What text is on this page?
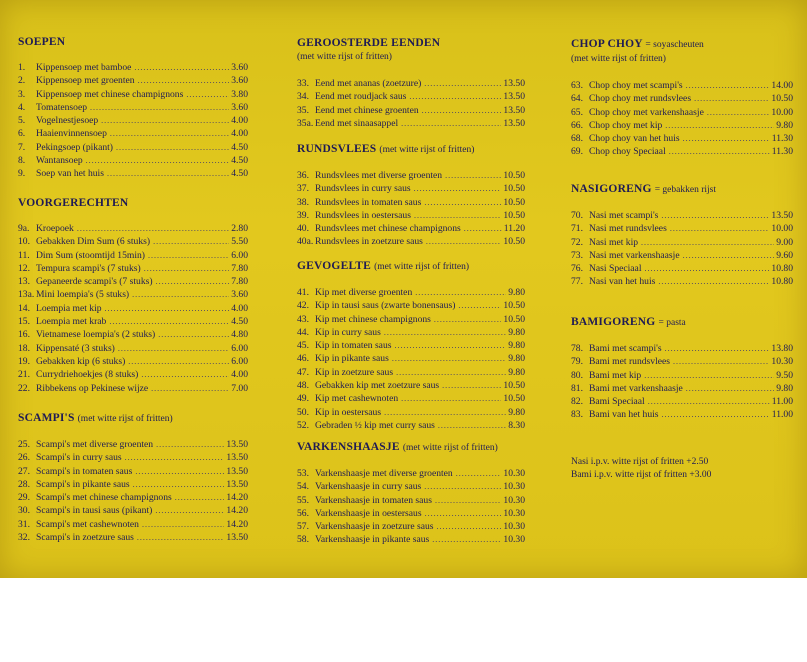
SOEPEN
1.	Kippensoep met bamboe .....	3.60
2.	Kippensoep met groenten .....	3.60
3.	Kippensoep met chinese champignons .....	3.80
4.	Tomatensoep .....	3.60
5.	Vogelnestjesoep .....	4.00
6.	Haaienvinnensoep .....	4.00
7.	Pekingsoep (pikant) .....	4.50
8.	Wantansoep .....	4.50
9.	Soep van het huis .....	4.50
VOORGERECHTEN
9a. Kroepoek .....	2.80
10. Gebakken Dim Sum (6 stuks) .....	5.50
11. Dim Sum (stoomtijd 15min) .....	6.00
12. Tempura scampi's (7 stuks) .....	7.80
13. Gepaneerde scampi's (7 stuks) .....	7.80
13a. Mini loempia's (5 stuks) .....	3.60
14. Loempia met kip .....	4.00
15. Loempia met krab .....	4.50
16. Vietnamese loempia's (2 stuks) .....	4.80
18. Kippensaté (3 stuks) .....	6.00
19. Gebakken kip (6 stuks) .....	6.00
21. Currydriehoekjes (8 stuks) .....	4.00
22. Ribbekens op Pekinese wijze .....	7.00
SCAMPI'S (met witte rijst of fritten)
25. Scampi's met diverse groenten .....	13.50
26. Scampi's in curry saus .....	13.50
27. Scampi's in tomaten saus .....	13.50
28. Scampi's in pikante saus .....	13.50
29. Scampi's met chinese champignons .....	14.20
30. Scampi's in tausi saus (pikant) .....	14.20
31. Scampi's met cashewnoten .....	14.20
32. Scampi's in zoetzure saus .....	13.50
GEROOSTERDE EENDEN
(met witte rijst of fritten)
33. Eend met ananas (zoetzure) .....	13.50
34. Eend met roudjack saus .....	13.50
35. Eend met chinese groenten .....	13.50
35a. Eend met sinaasappel .....	13.50
RUNDSVLEES (met witte rijst of fritten)
36. Rundsvlees met diverse groenten .....	10.50
37. Rundsvlees in curry saus .....	10.50
38. Rundsvlees in tomaten saus .....	10.50
39. Rundsvlees in oestersaus .....	10.50
40. Rundsvlees met chinese champignons .....	11.20
40a. Rundsvlees in zoetzure saus .....	10.50
GEVOGELTE (met witte rijst of fritten)
41. Kip met diverse groenten .....	9.80
42. Kip in tausi saus (zwarte bonensaus) .....	10.50
43. Kip met chinese champignons .....	10.50
44. Kip in curry saus .....	9.80
45. Kip in tomaten saus .....	9.80
46. Kip in pikante saus .....	9.80
47. Kip in zoetzure saus .....	9.80
48. Gebakken kip met zoetzure saus .....	10.50
49. Kip met cashewnoten .....	10.50
50. Kip in oestersaus .....	9.80
52. Gebraden ½ kip met curry saus .....	8.30
VARKENSHAASJE (met witte rijst of fritten)
53. Varkenshaasje met diverse groenten .....	10.30
54. Varkenshaasje in curry saus .....	10.30
55. Varkenshaasje in tomaten saus .....	10.30
56. Varkenshaasje in oestersaus .....	10.30
57. Varkenshaasje in zoetzure saus .....	10.30
58. Varkenshaasje in pikante saus .....	10.30
Nasi i.p.v. witte rijst of fritten +2.50
Bami i.p.v. witte rijst of fritten +3.00
CHOP CHOY = soyascheuten
(met witte rijst of fritten)
63. Chop choy met scampi's .....	14.00
64. Chop choy met rundsvlees .....	10.50
65. Chop choy met varkenshaasje .....	10.00
66. Chop choy met kip .....	9.80
68. Chop choy van het huis .....	11.30
69. Chop choy Speciaal .....	11.30
NASIGORENG = gebakken rijst
70. Nasi met scampi's .....	13.50
71. Nasi met rundsvlees .....	10.00
72. Nasi met kip .....	9.00
73. Nasi met varkenshaasje .....	9.60
76. Nasi Speciaal .....	10.80
77. Nasi van het huis .....	10.80
BAMIGORENG = pasta
78. Bami met scampi's .....	13.80
79. Bami met rundsvlees .....	10.30
80. Bami met kip .....	9.50
81. Bami met varkenshaasje .....	9.80
82. Bami Speciaal .....	11.00
83. Bami van het huis .....	11.00
